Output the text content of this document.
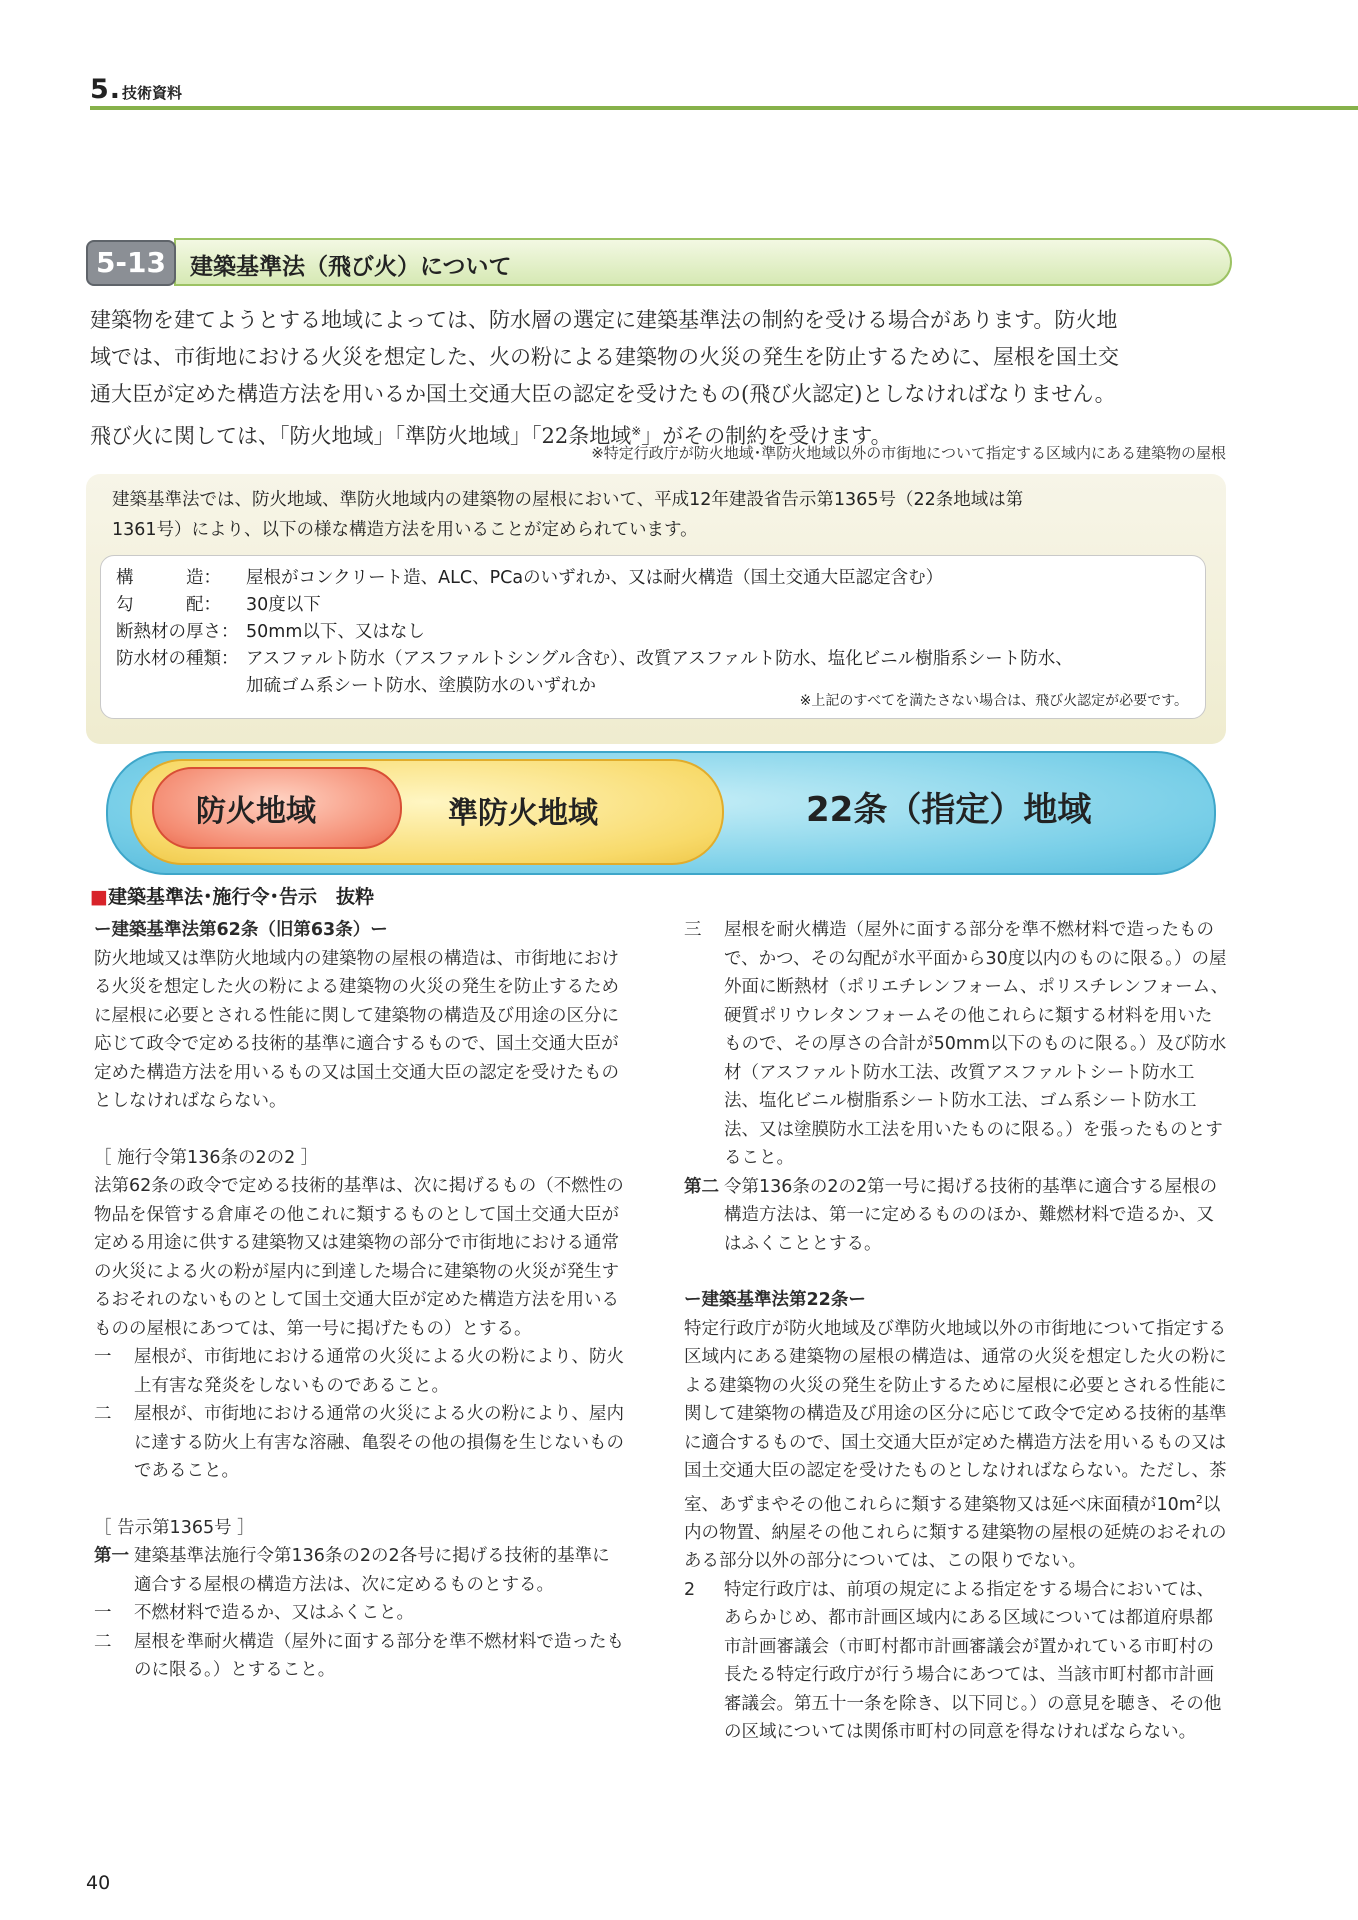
5. 技術資料
5-13	建築基準法（飛び火）について

建築物を建てようとする地域によっては、防水層の選定に建築基準法の制約を受ける場合があります。防火地

域では、市街地における火災を想定した、火の粉による建築物の火災の発生を防止するために、屋根を国土交

通大臣が定めた構造方法を用いるか国土交通大臣の認定を受けたもの(飛び火認定)としなければなりません。

飛び火に関しては、「防火地域」「準防火地域」「22条地域※」がその制約を受けます。

※特定行政庁が防火地域･準防火地域以外の市街地について指定する区域内にある建築物の屋根
建築基準法では、防火地域、準防火地域内の建築物の屋根において、平成12年建設省告示第1365号（22条地域は第
1361号）により、以下の様な構造方法を用いることが定められています。
構　　　造： 屋根がコンクリート造、ALC、PCaのいずれか、又は耐火構造（国土交通大臣認定含む）
勾　　　配： 30度以下
断熱材の厚さ： 50mm以下、又はなし
防水材の種類： アスファルト防水（アスファルトシングル含む）、改質アスファルト防水、塩化ビニル樹脂系シート防水、
加硫ゴム系シート防水、塗膜防水のいずれか
※上記のすべてを満たさない場合は、飛び火認定が必要です。
防火地域	準防火地域	22条（指定）地域
■建築基準法･施行令･告示　抜粋

ー建築基準法第62条（旧第63条）ー

防火地域又は準防火地域内の建築物の屋根の構造は、市街地における火災を想定した火の粉による建築物の火災の発生を防止するために屋根に必要とされる性能に関して建築物の構造及び用途の区分に応じて政令で定める技術的基準に適合するもので、国土交通大臣が定めた構造方法を用いるもの又は国土交通大臣の認定を受けたものとしなければならない。

［ 施行令第136条の2の2 ］

法第62条の政令で定める技術的基準は、次に掲げるもの（不燃性の物品を保管する倉庫その他これに類するものとして国土交通大臣が定める用途に供する建築物又は建築物の部分で市街地における通常の火災による火の粉が屋内に到達した場合に建築物の火災が発生するおそれのないものとして国土交通大臣が定めた構造方法を用いるものの屋根にあつては、第一号に掲げたもの）とする。

一 屋根が、市街地における通常の火災による火の粉により、防火上有害な発炎をしないものであること。

二 屋根が、市街地における通常の火災による火の粉により、屋内に達する防火上有害な溶融、亀裂その他の損傷を生じないものであること。

［ 告示第1365号 ］

第一 建築基準法施行令第136条の2の2各号に掲げる技術的基準に適合する屋根の構造方法は、次に定めるものとする。

一 不燃材料で造るか、又はふくこと。

二 屋根を準耐火構造（屋外に面する部分を準不燃材料で造ったものに限る。）とすること。

三 屋根を耐火構造（屋外に面する部分を準不燃材料で造ったもので、かつ、その勾配が水平面から30度以内のものに限る。）の屋外面に断熱材（ポリエチレンフォーム、ポリスチレンフォーム、硬質ポリウレタンフォームその他これらに類する材料を用いたもので、その厚さの合計が50mm以下のものに限る。）及び防水材（アスファルト防水工法、改質アスファルトシート防水工法、塩化ビニル樹脂系シート防水工法、ゴム系シート防水工法、又は塗膜防水工法を用いたものに限る。）を張ったものとすること。

第二 令第136条の2の2第一号に掲げる技術的基準に適合する屋根の構造方法は、第一に定めるもののほか、難燃材料で造るか、又はふくこととする。

ー建築基準法第22条ー

特定行政庁が防火地域及び準防火地域以外の市街地について指定する区域内にある建築物の屋根の構造は、通常の火災を想定した火の粉による建築物の火災の発生を防止するために屋根に必要とされる性能に関して建築物の構造及び用途の区分に応じて政令で定める技術的基準に適合するもので、国土交通大臣が定めた構造方法を用いるもの又は国土交通大臣の認定を受けたものとしなければならない。ただし、茶室、あずまやその他これらに類する建築物又は延べ床面積が$10m^2$以内の物置、納屋その他これらに類する建築物の屋根の延焼のおそれのある部分以外の部分については、この限りでない。

2 特定行政庁は、前項の規定による指定をする場合においては、あらかじめ、都市計画区域内にある区域については都道府県都市計画審議会（市町村都市計画審議会が置かれている市町村の長たる特定行政庁が行う場合にあつては、当該市町村都市計画審議会。第五十一条を除き、以下同じ。）の意見を聴き、その他の区域については関係市町村の同意を得なければならない。

40
